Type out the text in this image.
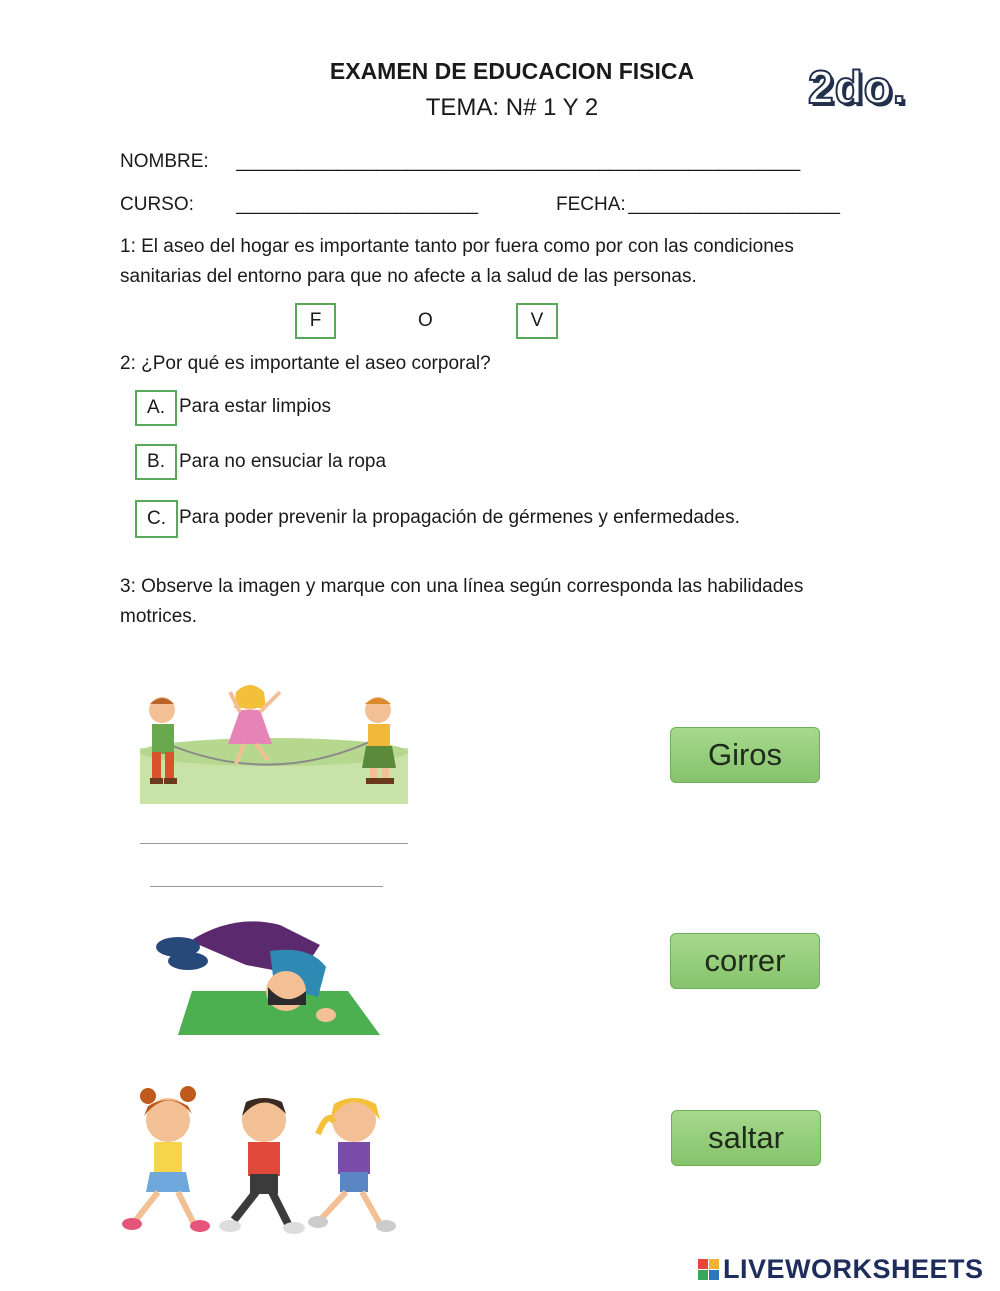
EXAMEN DE EDUCACION FISICA
TEMA: N# 1 Y 2	2do.
NOMBRE: ________________________________________________________
CURSO: ________________________	FECHA: _____________________
1: El aseo del hogar es importante tanto por fuera como por con las condiciones sanitarias del entorno para que no afecte a la salud de las personas.
F	O	V
2: ¿Por qué es importante el aseo corporal?
A. Para estar limpios
B. Para no ensuciar la ropa
C. Para poder prevenir la propagación de gérmenes y enfermedades.
3: Observe la imagen y marque con una línea según corresponda las habilidades motrices.
Giros
correr
saltar
LIVEWORKSHEETS
